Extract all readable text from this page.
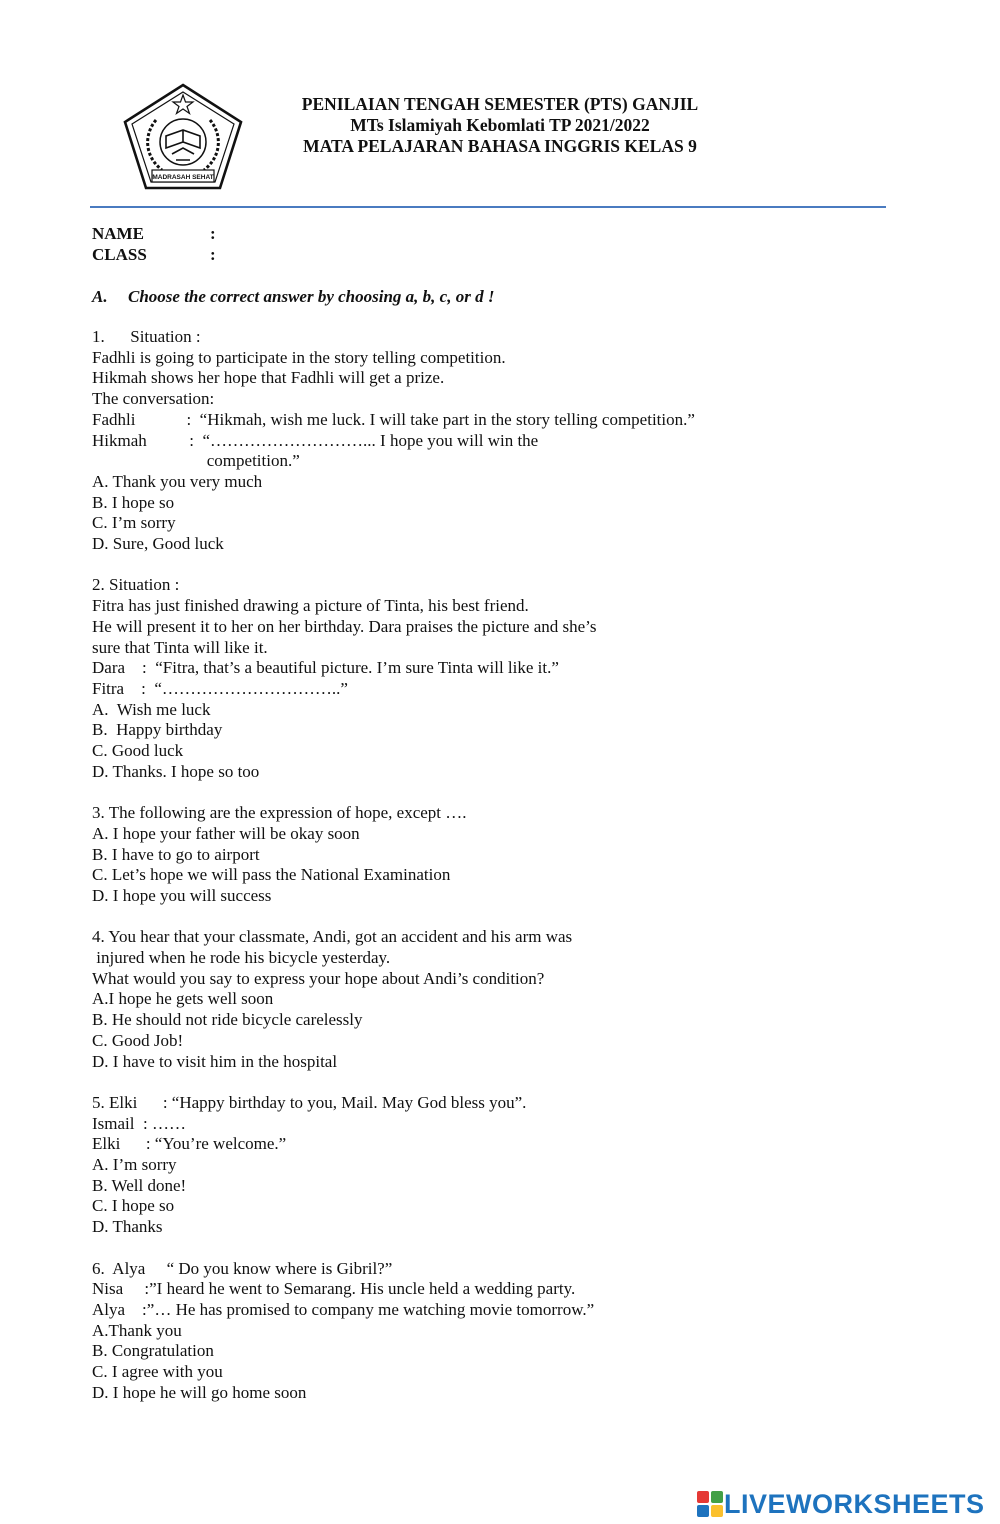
MADRASAH SEHAT
PENILAIAN TENGAH SEMESTER (PTS) GANJIL
MTs Islamiyah Kebomlati TP 2021/2022
MATA PELAJARAN BAHASA INGGRIS KELAS 9
NAME	:
CLASS	:
A. Choose the correct answer by choosing a, b, c, or d !
1.      Situation :
Fadhli is going to participate in the story telling competition.
Hikmah shows her hope that Fadhli will get a prize.
The conversation:
Fadhli            :  “Hikmah, wish me luck. I will take part in the story telling competition.”
Hikmah          :  “………………………... I hope you will win the
competition.”
A. Thank you very much
B. I hope so
C. I’m sorry
D. Sure, Good luck
2. Situation :
Fitra has just finished drawing a picture of Tinta, his best friend.
He will present it to her on her birthday. Dara praises the picture and she’s
sure that Tinta will like it.
Dara    :  “Fitra, that’s a beautiful picture. I’m sure Tinta will like it.”
Fitra    :  “…………………………..”
A.  Wish me luck
B.  Happy birthday
C. Good luck
D. Thanks. I hope so too
3. The following are the expression of hope, except ….
A. I hope your father will be okay soon
B. I have to go to airport
C. Let’s hope we will pass the National Examination
D. I hope you will success
4. You hear that your classmate, Andi, got an accident and his arm was
injured when he rode his bicycle yesterday.
What would you say to express your hope about Andi’s condition?
A.I hope he gets well soon
B. He should not ride bicycle carelessly
C. Good Job!
D. I have to visit him in the hospital
5. Elki      : “Happy birthday to you, Mail. May God bless you”.
Ismail  : ……
Elki      : “You’re welcome.”
A. I’m sorry
B. Well done!
C. I hope so
D. Thanks
6.  Alya     “ Do you know where is Gibril?”
Nisa     :”I heard he went to Semarang. His uncle held a wedding party.
Alya    :”… He has promised to company me watching movie tomorrow.”
A.Thank you
B. Congratulation
C. I agree with you
D. I hope he will go home soon
LIVEWORKSHEETS
